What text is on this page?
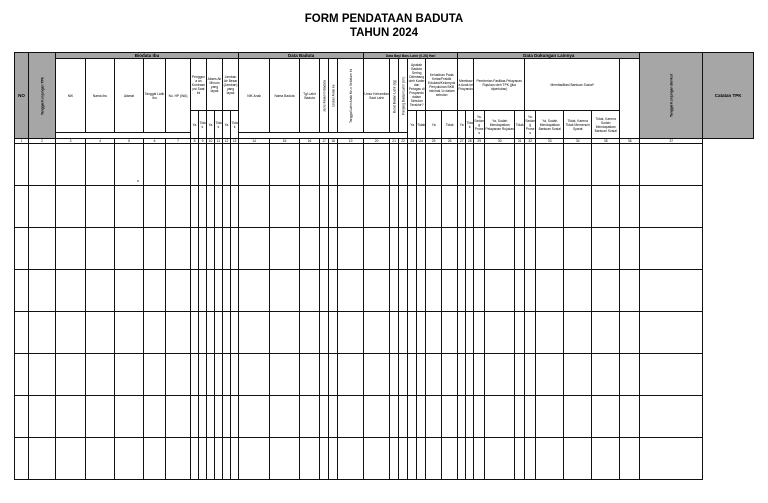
FORM PENDATAAN BADUTA
TAHUN 2024
NO	Tanggal Kunjungan TPK	Biodata Ibu											Data Baduta						Data Bayi Baru Lahir (0-28) Hari							Data Dukungan Lainnya										Tanggal Kunjungan Berikut	Catatan TPK
		NIK	Nama Ibu	Alamat	Tanggal Lahir Ibu	No. HP (WA)	Pengguna an Kontrasepsi Saat Ini		Akses Air Minum yang layak		Jamban Air Besar (Jamban) yang layak		NIK Anak	Nama Baduta	Tgl Lahir Baduta	Jenis Kelamin Baduta	Urutan Anak ke	Tanggal Lahir Anak Ke-n Sebelum Ini	Umur Kehamilan Saat Lahir	Berat Badan Lahir (kg)	Panjang Badan Lahir (cm)	Apakah Baduta Sering Ditimbang oleh Kader dan Petugas di Posyandu dalam Sebulan Terakhir?		Kehadiran Pada Kelas/Praktik Edukasi/Kelompok Penyuluhan BKB minimal 1x dalam sebulan		Membawa Anak ke Posyandu		Pemberian Fasilitas Pelayanan Rujukan oleh TPK (jika diperlukan)			Memfasilitasi Bantuan Sosial*						
							Ya	Tidak	Ya	Tidak	Ya	Tidak										Ya	Tidak	Ya	Tidak	Ya	Tidak	Ya, Sedang Proses	Ya, Sudah Mendapatkan Pelayanan Rujukan	Tidak	Ya, Sedang Proses	Ya, Sudah Mendapatkan Bantuan Sosial	Tidak, Karena Tidak Memenuhi Syarat	Tidak, Karena Sudah Mendapatkan Bantuan Sosial			

1	2	3	4	5	6	7	8	9	10	11	12	13	14	15	16	17	18	19	20	21	22	23	24	25	26	27	28	29	30	31	32	33	34	35	36	37	

x
